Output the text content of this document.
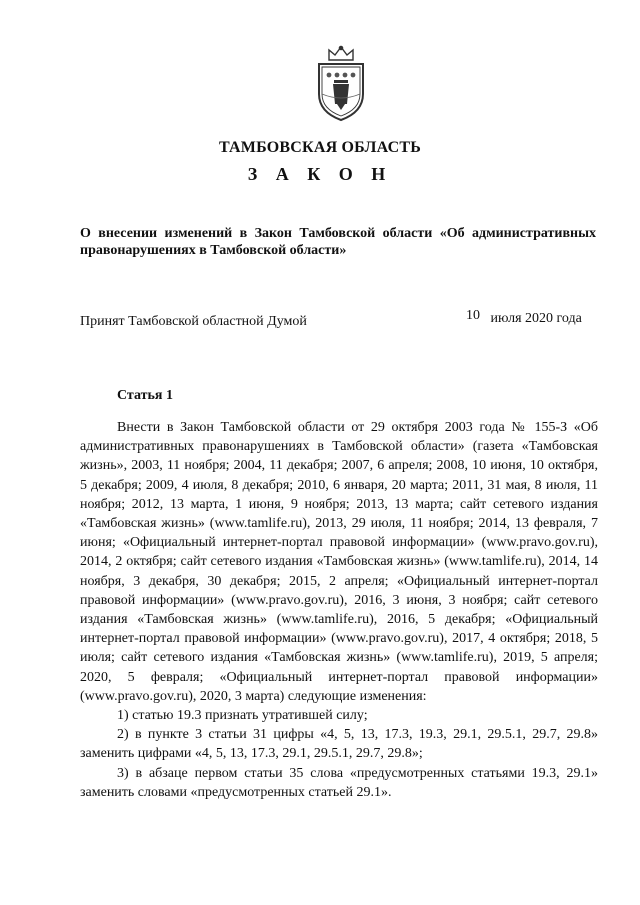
ТАМБОВСКАЯ ОБЛАСТЬ
З А К О Н
О внесении изменений в Закон Тамбовской области «Об административных правонарушениях в Тамбовской области»
Принят Тамбовской областной Думой	10 июля 2020 года
Статья 1

Внести в Закон Тамбовской области от 29 октября 2003 года № 155-З «Об административных правонарушениях в Тамбовской области» (газета «Тамбовская жизнь», 2003, 11 ноября; 2004, 11 декабря; 2007, 6 апреля; 2008, 10 июня, 10 октября, 5 декабря; 2009, 4 июля, 8 декабря; 2010, 6 января, 20 марта; 2011, 31 мая, 8 июля, 11 ноября; 2012, 13 марта, 1 июня, 9 ноября; 2013, 13 марта; сайт сетевого издания «Тамбовская жизнь» (www.tamlife.ru), 2013, 29 июля, 11 ноября; 2014, 13 февраля, 7 июня; «Официальный интернет-портал правовой информации» (www.pravo.gov.ru), 2014, 2 октября; сайт сетевого издания «Тамбовская жизнь» (www.tamlife.ru), 2014, 14 ноября, 3 декабря, 30 декабря; 2015, 2 апреля; «Официальный интернет-портал правовой информации» (www.pravo.gov.ru), 2016, 3 июня, 3 ноября; сайт сетевого издания «Тамбовская жизнь» (www.tamlife.ru), 2016, 5 декабря; «Официальный интернет-портал правовой информации» (www.pravo.gov.ru), 2017, 4 октября; 2018, 5 июля; сайт сетевого издания «Тамбовская жизнь» (www.tamlife.ru), 2019, 5 апреля; 2020, 5 февраля; «Официальный интернет-портал правовой информации» (www.pravo.gov.ru), 2020, 3 марта) следующие изменения:

1) статью 19.3 признать утратившей силу;

2) в пункте 3 статьи 31 цифры «4, 5, 13, 17.3, 19.3, 29.1, 29.5.1, 29.7, 29.8» заменить цифрами «4, 5, 13, 17.3, 29.1, 29.5.1, 29.7, 29.8»;

3) в абзаце первом статьи 35 слова «предусмотренных статьями 19.3, 29.1» заменить словами «предусмотренных статьей 29.1».
